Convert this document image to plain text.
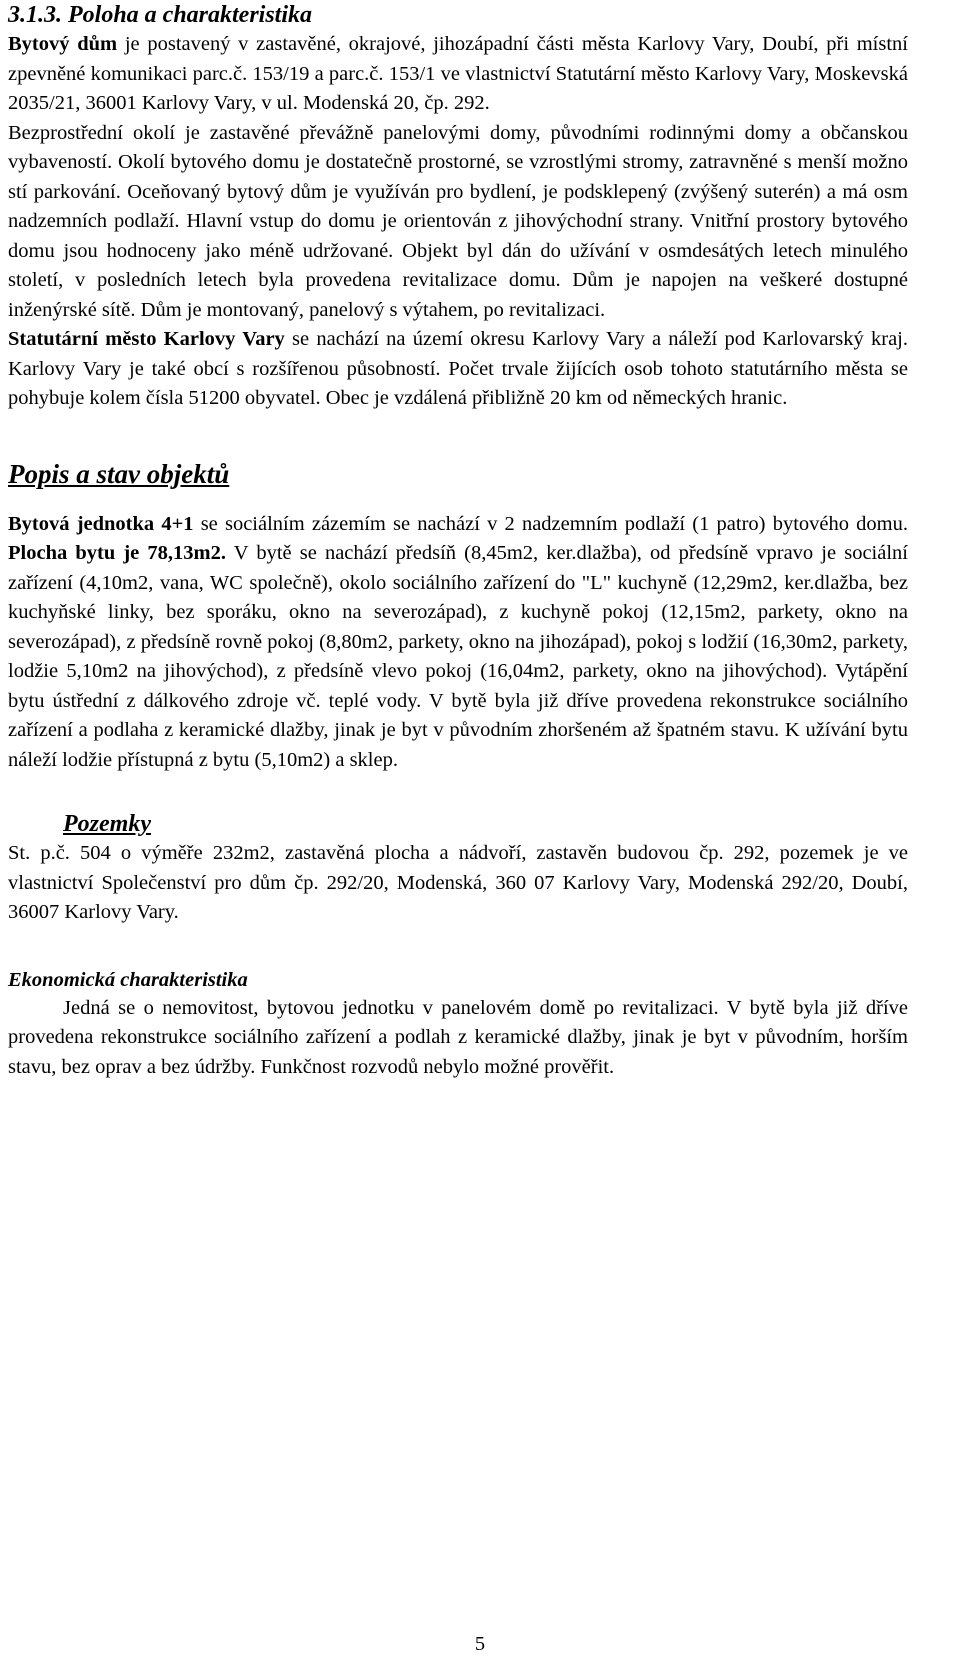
3.1.3. Poloha a charakteristika

Bytový dům je postavený v zastavěné, okrajové, jihozápadní části města Karlovy Vary, Doubí, při místní zpevněné komunikaci parc.č. 153/19 a parc.č. 153/1 ve vlastnictví Statutární město Karlovy Vary, Moskevská 2035/21, 36001 Karlovy Vary, v ul. Modenská 20, čp. 292.

Bezprostřední okolí je zastavěné převážně panelovými domy, původními rodinnými domy a občanskou vybaveností. Okolí bytového domu je dostatečně prostorné, se vzrostlými stromy, zatravněné s menší možno stí parkování. Oceňovaný bytový dům je využíván pro bydlení, je podsklepený (zvýšený suterén) a má osm nadzemních podlaží. Hlavní vstup do domu je orientován z jihovýchodní strany. Vnitřní prostory bytového domu jsou hodnoceny jako méně udržované. Objekt byl dán do užívání v osmdesátých letech minulého století, v posledních letech byla provedena revitalizace domu. Dům je napojen na veškeré dostupné inženýrské sítě. Dům je montovaný, panelový s výtahem, po revitalizaci.

Statutární město Karlovy Vary se nachází na území okresu Karlovy Vary a náleží pod Karlovarský kraj. Karlovy Vary je také obcí s rozšířenou působností. Počet trvale žijících osob tohoto statutárního města se pohybuje kolem čísla 51200 obyvatel. Obec je vzdálená přibližně 20 km od německých hranic.

Popis a stav objektů

Bytová jednotka 4+1 se sociálním zázemím se nachází v 2 nadzemním podlaží (1 patro) bytového domu. Plocha bytu je 78,13m2. V bytě se nachází předsíň (8,45m2, ker.dlažba), od předsíně vpravo je sociální zařízení (4,10m2, vana, WC společně), okolo sociálního zařízení do "L" kuchyně (12,29m2, ker.dlažba, bez kuchyňské linky, bez sporáku, okno na severozápad), z kuchyně pokoj (12,15m2, parkety, okno na severozápad), z předsíně rovně pokoj (8,80m2, parkety, okno na jihozápad), pokoj s lodžií (16,30m2, parkety, lodžie 5,10m2 na jihovýchod), z předsíně vlevo pokoj (16,04m2, parkety, okno na jihovýchod). Vytápění bytu ústřední z dálkového zdroje vč. teplé vody. V bytě byla již dříve provedena rekonstrukce sociálního zařízení a podlaha z keramické dlažby, jinak je byt v původním zhoršeném až špatném stavu. K užívání bytu náleží lodžie přístupná z bytu (5,10m2) a sklep.

Pozemky

St. p.č. 504 o výměře 232m2, zastavěná plocha a nádvoří, zastavěn budovou čp. 292, pozemek je ve vlastnictví Společenství pro dům čp. 292/20, Modenská, 360 07 Karlovy Vary, Modenská 292/20, Doubí, 36007 Karlovy Vary.

Ekonomická charakteristika

Jedná se o nemovitost, bytovou jednotku v panelovém domě po revitalizaci. V bytě byla již dříve provedena rekonstrukce sociálního zařízení a podlah z keramické dlažby, jinak je byt v původním, horším stavu, bez oprav a bez údržby. Funkčnost rozvodů nebylo možné prověřit.

5
